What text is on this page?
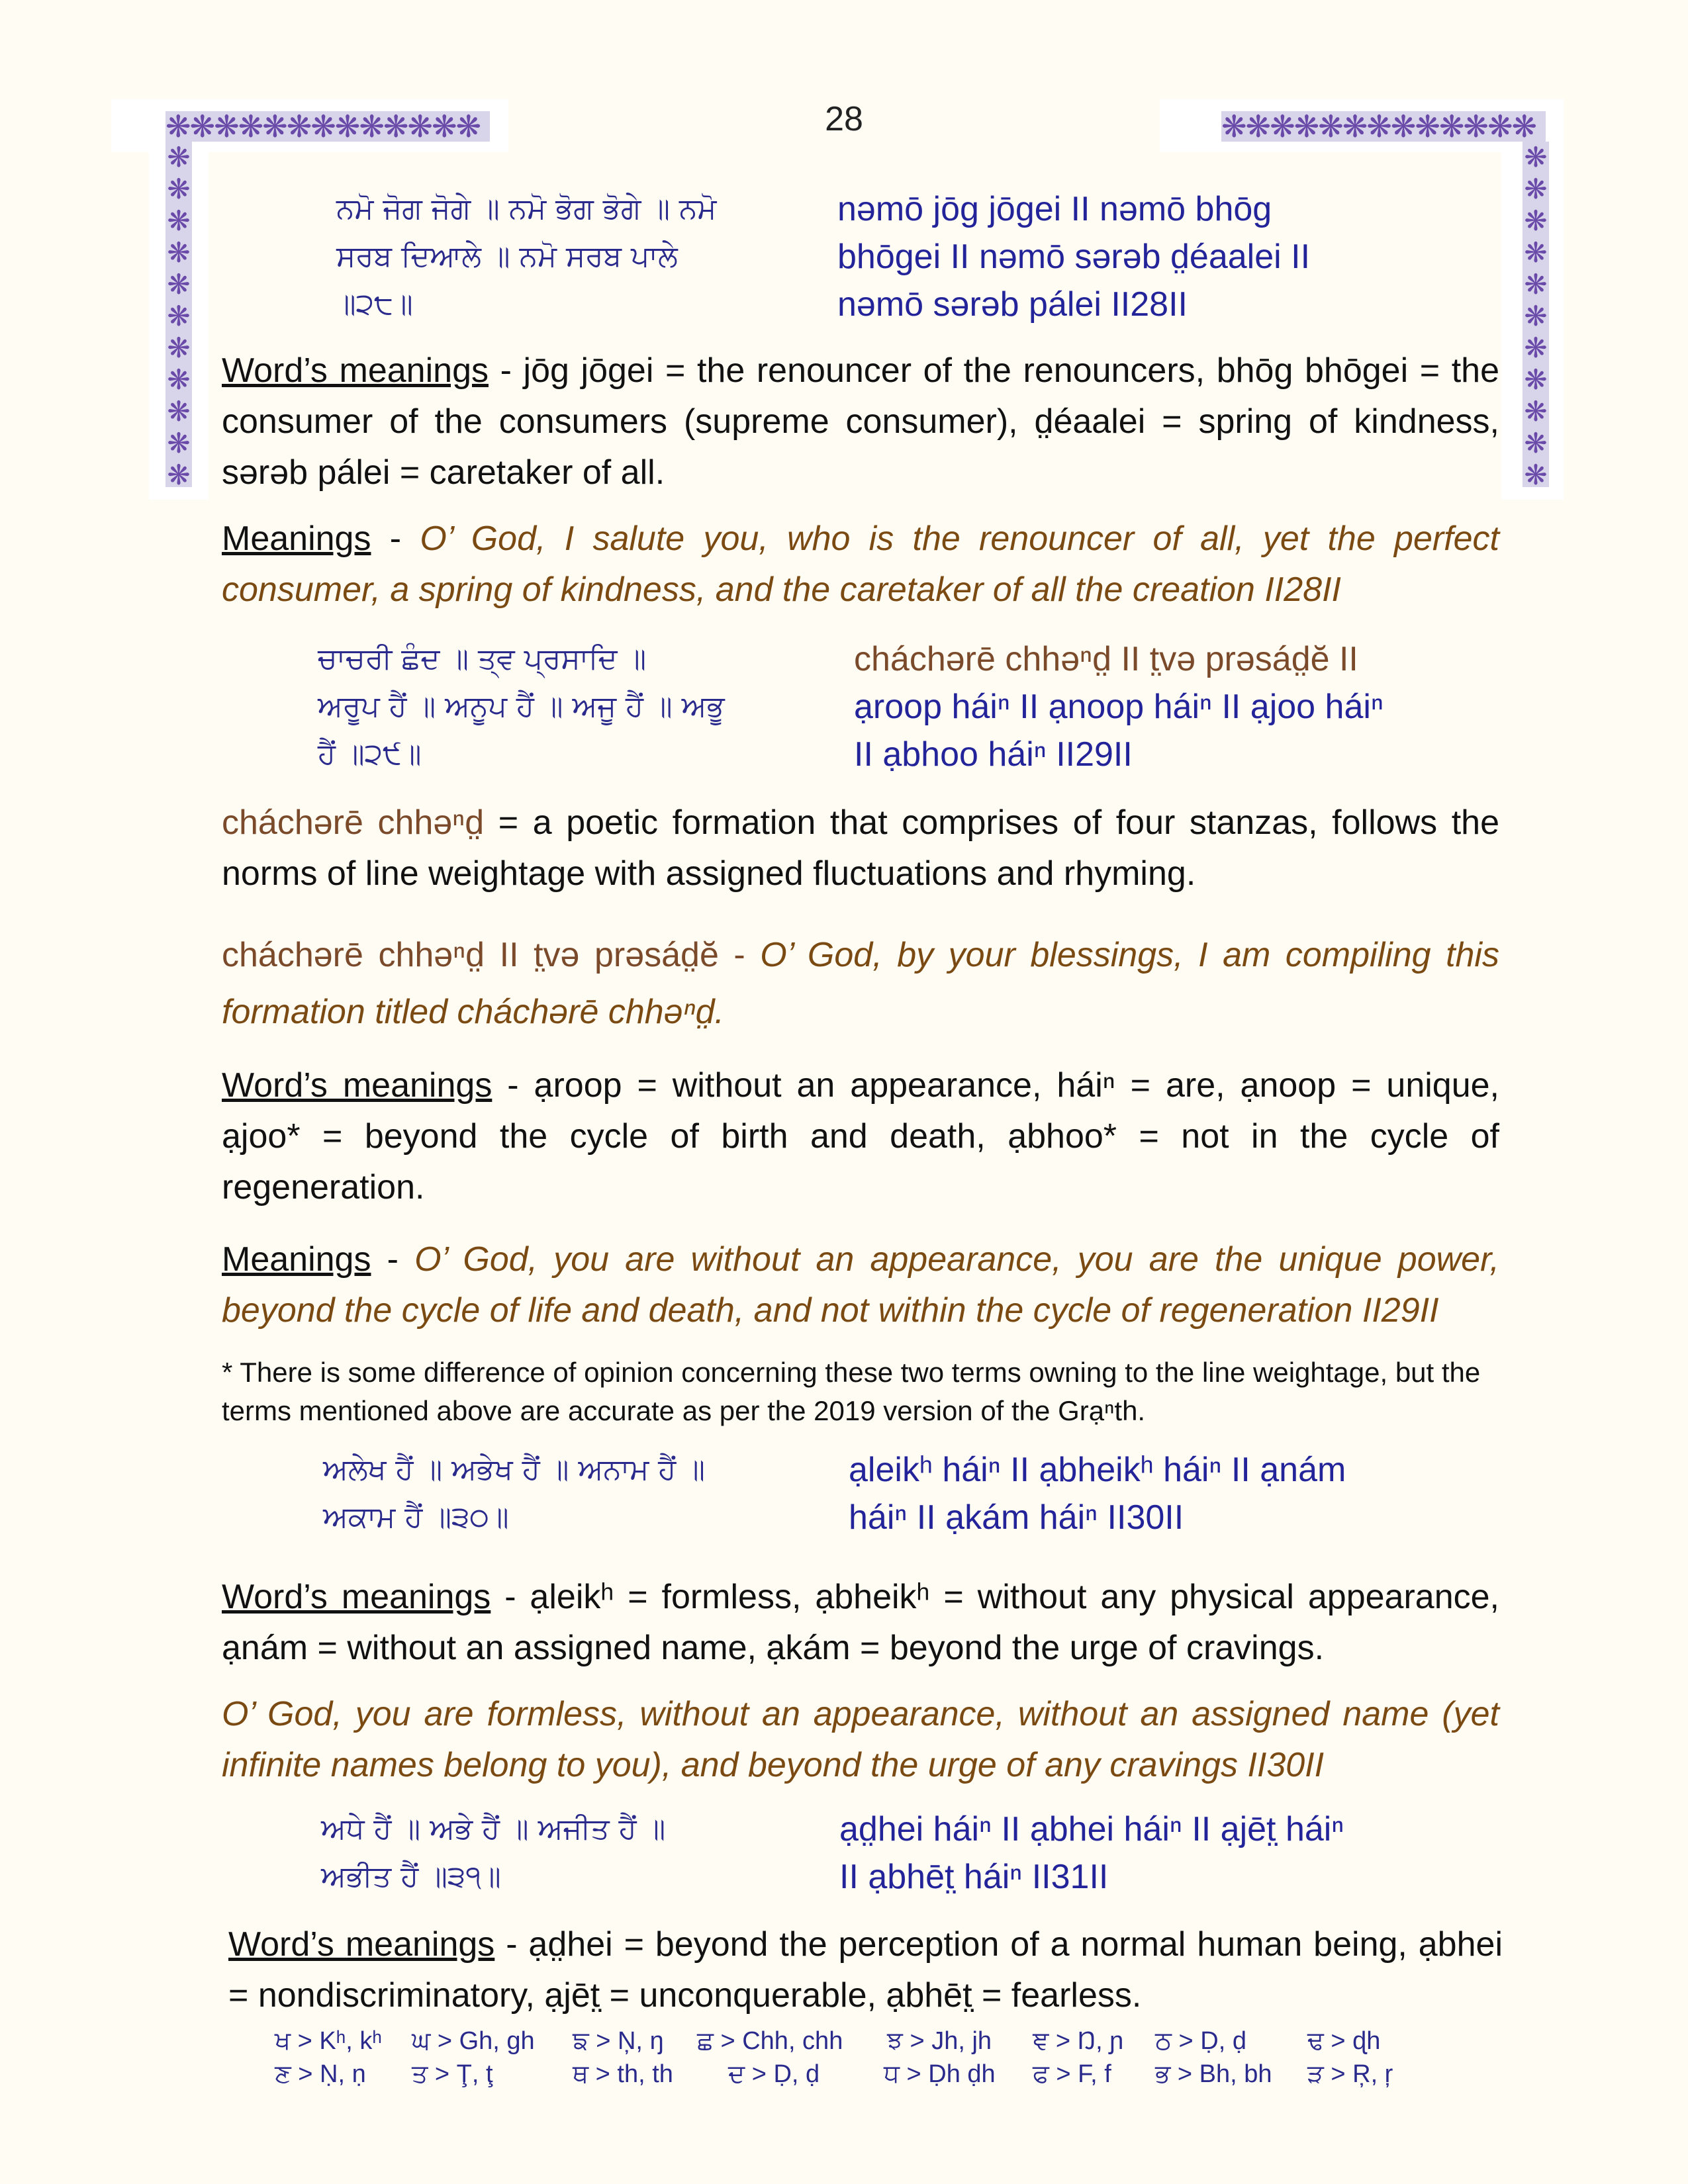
❋❋❋❋❋❋❋❋❋❋❋❋❋	❋❋❋❋❋❋❋❋❋❋❋❋❋
❋
❋
❋
❋
❋
❋
❋
❋
❋
❋
❋
❋
❋
❋
❋
❋
❋
❋
❋
❋
❋
❋
28
ਨਮੋ ਜੋਗ ਜੋਗੇ ॥ ਨਮੋ ਭੋਗ ਭੋਗੇ ॥ ਨਮੋ
ਸਰਬ ਦਿਆਲੇ ॥ ਨਮੋ ਸਰਬ ਪਾਲੇ
॥੨੮॥
nəmō jōg jōgei II nəmō bhōg
bhōgei II nəmō sərəb d̤éaalei II
nəmō sərəb pálei II28II
Word’s meanings - jōg jōgei = the renouncer of the renouncers, bhōg bhōgei = the consumer of the consumers (supreme consumer), d̤éaalei = spring of kindness, sərəb pálei = caretaker of all.
Meanings - O’ God, I salute you, who is the renouncer of all, yet the perfect consumer, a spring of kindness, and the caretaker of all the creation II28II
ਚਾਚਰੀ ਛੰਦ ॥ ਤ੍ਵ ਪ੍ਰਸਾਦਿ ॥
ਅਰੂਪ ਹੈਂ ॥ ਅਨੂਪ ਹੈਂ ॥ ਅਜੂ ਹੈਂ ॥ ਅਭੂ
ਹੈਂ ॥੨੯॥
cháchərē chhəⁿd̤ II t̤və prəsád̤ĕ II
ạroop háiⁿ II ạnoop háiⁿ II ạjoo háiⁿ
II ạbhoo háiⁿ II29II
cháchərē chhəⁿd̤ = a poetic formation that comprises of four stanzas, follows the norms of line weightage with assigned fluctuations and rhyming.
cháchərē chhəⁿd̤ II t̤və prəsád̤ĕ - O’ God, by your blessings, I am compiling this formation titled cháchərē chhəⁿd̤.
Word’s meanings - ạroop = without an appearance, háiⁿ = are, ạnoop = unique, ạjoo* = beyond the cycle of birth and death, ạbhoo* = not in the cycle of regeneration.
Meanings - O’ God, you are without an appearance, you are the unique power, beyond the cycle of life and death, and not within the cycle of regeneration II29II
* There is some difference of opinion concerning these two terms owning to the line weightage, but the terms mentioned above are accurate as per the 2019 version of the Grạⁿth.
ਅਲੇਖ ਹੈਂ ॥ ਅਭੇਖ ਹੈਂ ॥ ਅਨਾਮ ਹੈਂ ॥
ਅਕਾਮ ਹੈਂ ॥੩੦॥
ạleikʰ háiⁿ II ạbheikʰ háiⁿ II ạnám
háiⁿ II ạkám háiⁿ II30II
Word’s meanings - ạleikʰ = formless, ạbheikʰ = without any physical appearance, ạnám = without an assigned name, ạkám = beyond the urge of cravings.
O’ God, you are formless, without an appearance, without an assigned name (yet infinite names belong to you), and beyond the urge of any cravings II30II
ਅਧੇ ਹੈਂ ॥ ਅਭੇ ਹੈਂ ॥ ਅਜੀਤ ਹੈਂ ॥
ਅਭੀਤ ਹੈਂ ॥੩੧॥
ạd̤hei háiⁿ II ạbhei háiⁿ II ạjēt̤ háiⁿ
II ạbhēt̤ háiⁿ II31II
Word’s meanings - ạd̤hei = beyond the perception of a normal human being, ạbhei = nondiscriminatory, ạjēt̤ = unconquerable, ạbhēt̤ = fearless.
ਖ > Kʰ, kʰ ਘ > Gh, gh ਙ > Ņ, ŋ ਛ > Chh, chh ਝ > Jh, jh ਞ > Ŋ, ɲ ਠ > Ḍ, ḍ ਢ > ɖh
ਣ > Ṇ, ṇ ਤ > Ţ, ţ	ਥ > th, th ਦ > Ḍ, ḍ	ਧ > Ḍh ḍh ਫ > F, f ਭ > Bh, bh ੜ > Ŗ, ŗ
